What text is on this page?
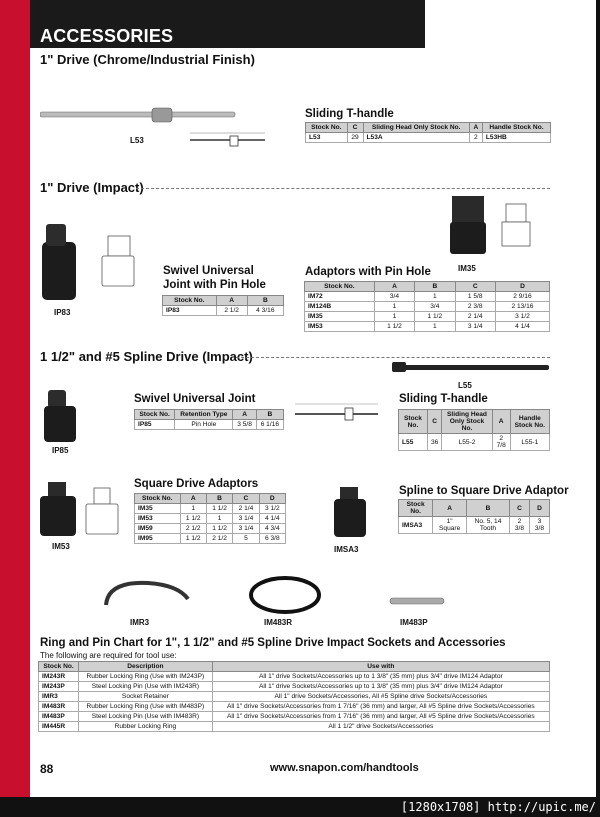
ACCESSORIES
1" Drive (Chrome/Industrial Finish)
L53
Sliding T-handle
Stock No.	C	Sliding Head Only Stock No.	A	Handle Stock No.
L53	29	L53A	2	L53HB
1" Drive (Impact)
IP83
Swivel Universal Joint with Pin Hole
Stock No.	A	B
IP83	2 1/2	4 3/16
IM35
Adaptors with Pin Hole
Stock No.	A	B	C	D
IM72	3/4	1	1 5/8	2 9/16
IM124B	1	3/4	2 3/8	2 13/16
IM35	1	1 1/2	2 1/4	3 1/2
IM53	1 1/2	1	3 1/4	4 1/4
1 1/2" and #5 Spline Drive (Impact)
L55
IP85
Swivel Universal Joint
Stock No.	Retention Type	A	B
IP85	Pin Hole	3 5/8	6 1/16
Sliding T-handle
Stock No.	C	Sliding Head Only Stock No.	A	Handle Stock No.
L55	36	L55-2	2 7/8	L55-1
IM53
Square Drive Adaptors
Stock No.	A	B	C	D
IM35	1	1 1/2	2 1/4	3 1/2
IM53	1 1/2	1	3 1/4	4 1/4
IM59	2 1/2	1 1/2	3 1/4	4 3/4
IM95	1 1/2	2 1/2	5	6 3/8
IMSA3
Spline to Square Drive Adaptor
Stock No.	A	B	C	D
IMSA3	1" Square	No. 5, 14 Tooth	2 3/8	3 3/8
IMR3	IM483R	IM483P
Ring and Pin Chart for 1", 1 1/2" and #5 Spline Drive Impact Sockets and Accessories
The following are required for tool use:
Stock No.	Description	Use with
IM243R	Rubber Locking Ring (Use with IM243P)	All 1" drive Sockets/Accessories up to 1 3/8" (35 mm) plus 3/4" drive IM124 Adaptor
IM243P	Steel Locking Pin (Use with IM243R)	All 1" drive Sockets/Accessories up to 1 3/8" (35 mm) plus 3/4" drive IM124 Adaptor
IMR3	Socket Retainer	All 1" drive Sockets/Accessories, All #5 Spline drive Sockets/Accessories
IM483R	Rubber Locking Ring (Use with IM483P)	All 1" drive Sockets/Accessories from 1 7/16" (36 mm) and larger, All #5 Spline drive Sockets/Accessories
IM483P	Steel Locking Pin (Use with IM483R)	All 1" drive Sockets/Accessories from 1 7/16" (36 mm) and larger, All #5 Spline drive Sockets/Accessories
IM445R	Rubber Locking Ring	All 1 1/2" drive Sockets/Accessories
88	www.snapon.com/handtools
[1280x1708] http://upic.me/
